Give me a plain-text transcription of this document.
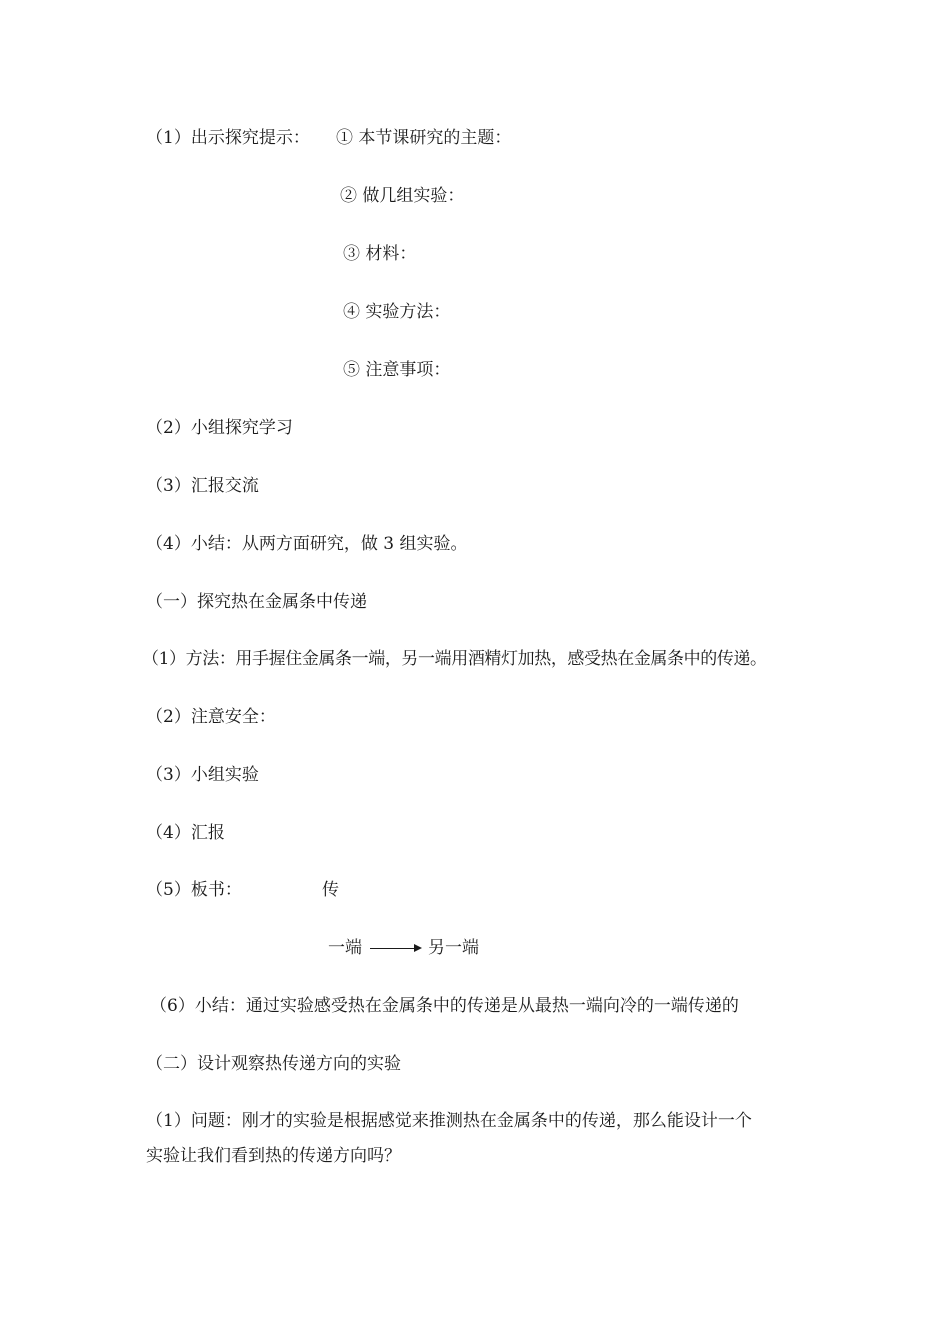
（1）出示探究提示： ① 本节课研究的主题：
② 做几组实验：
③ 材料：
④ 实验方法：
⑤ 注意事项：
（2）小组探究学习
（3）汇报交流
（4）小结：从两方面研究，做 3 组实验。
（一）探究热在金属条中传递
（1）方法：用手握住金属条一端，另一端用酒精灯加热，感受热在金属条中的传递。
（2）注意安全：
（3）小组实验
（4）汇报
（5）板书：	传
一端	另一端
（6）小结：通过实验感受热在金属条中的传递是从最热一端向冷的一端传递的
（二）设计观察热传递方向的实验
（1）问题：刚才的实验是根据感觉来推测热在金属条中的传递，那么能设计一个
实验让我们看到热的传递方向吗？
